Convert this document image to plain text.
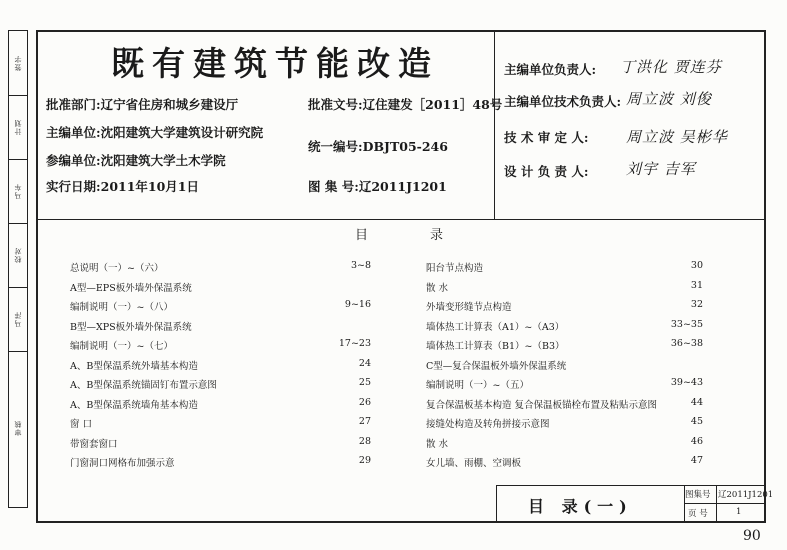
签字
计划
马车
校对
马洋
审核
既有建筑节能改造
批准部门:辽宁省住房和城乡建设厅
主编单位:沈阳建筑大学建筑设计研究院
参编单位:沈阳建筑大学土木学院
实行日期:2011年10月1日
批准文号:辽住建发［2011］48号
统一编号:DBJT05-246
图 集 号:辽2011J1201
主编单位负责人: 丁洪化 贾连芬
主编单位技术负责人: 周立波 刘俊
技 术 审 定 人: 周立波 吴彬华
设 计 负 责 人: 刘宇 吉军
目	录
总说明（一）~（六）	3~8
A型—EPS板外墙外保温系统
编制说明（一）~（八）	9~16
B型—XPS板外墙外保温系统
编制说明（一）~（七）	17~23
A、B型保温系统外墙基本构造	24
A、B型保温系统锚固钉布置示意图	25
A、B型保温系统墙角基本构造	26
窗 口	27
带窗套窗口	28
门窗洞口网格布加强示意	29
阳台节点构造	30
散 水	31
外墙变形缝节点构造	32
墙体热工计算表（A1）~（A3）	33~35
墙体热工计算表（B1）~（B3）	36~38
C型—复合保温板外墙外保温系统
编制说明（一）~（五）	39~43
复合保温板基本构造 复合保温板锚栓布置及粘贴示意图	44
接缝处构造及转角拼接示意图	45
散 水	46
女儿墙、雨棚、空调板	47
目 录(一)
图集号 辽2011J1201
页 号	1
90
